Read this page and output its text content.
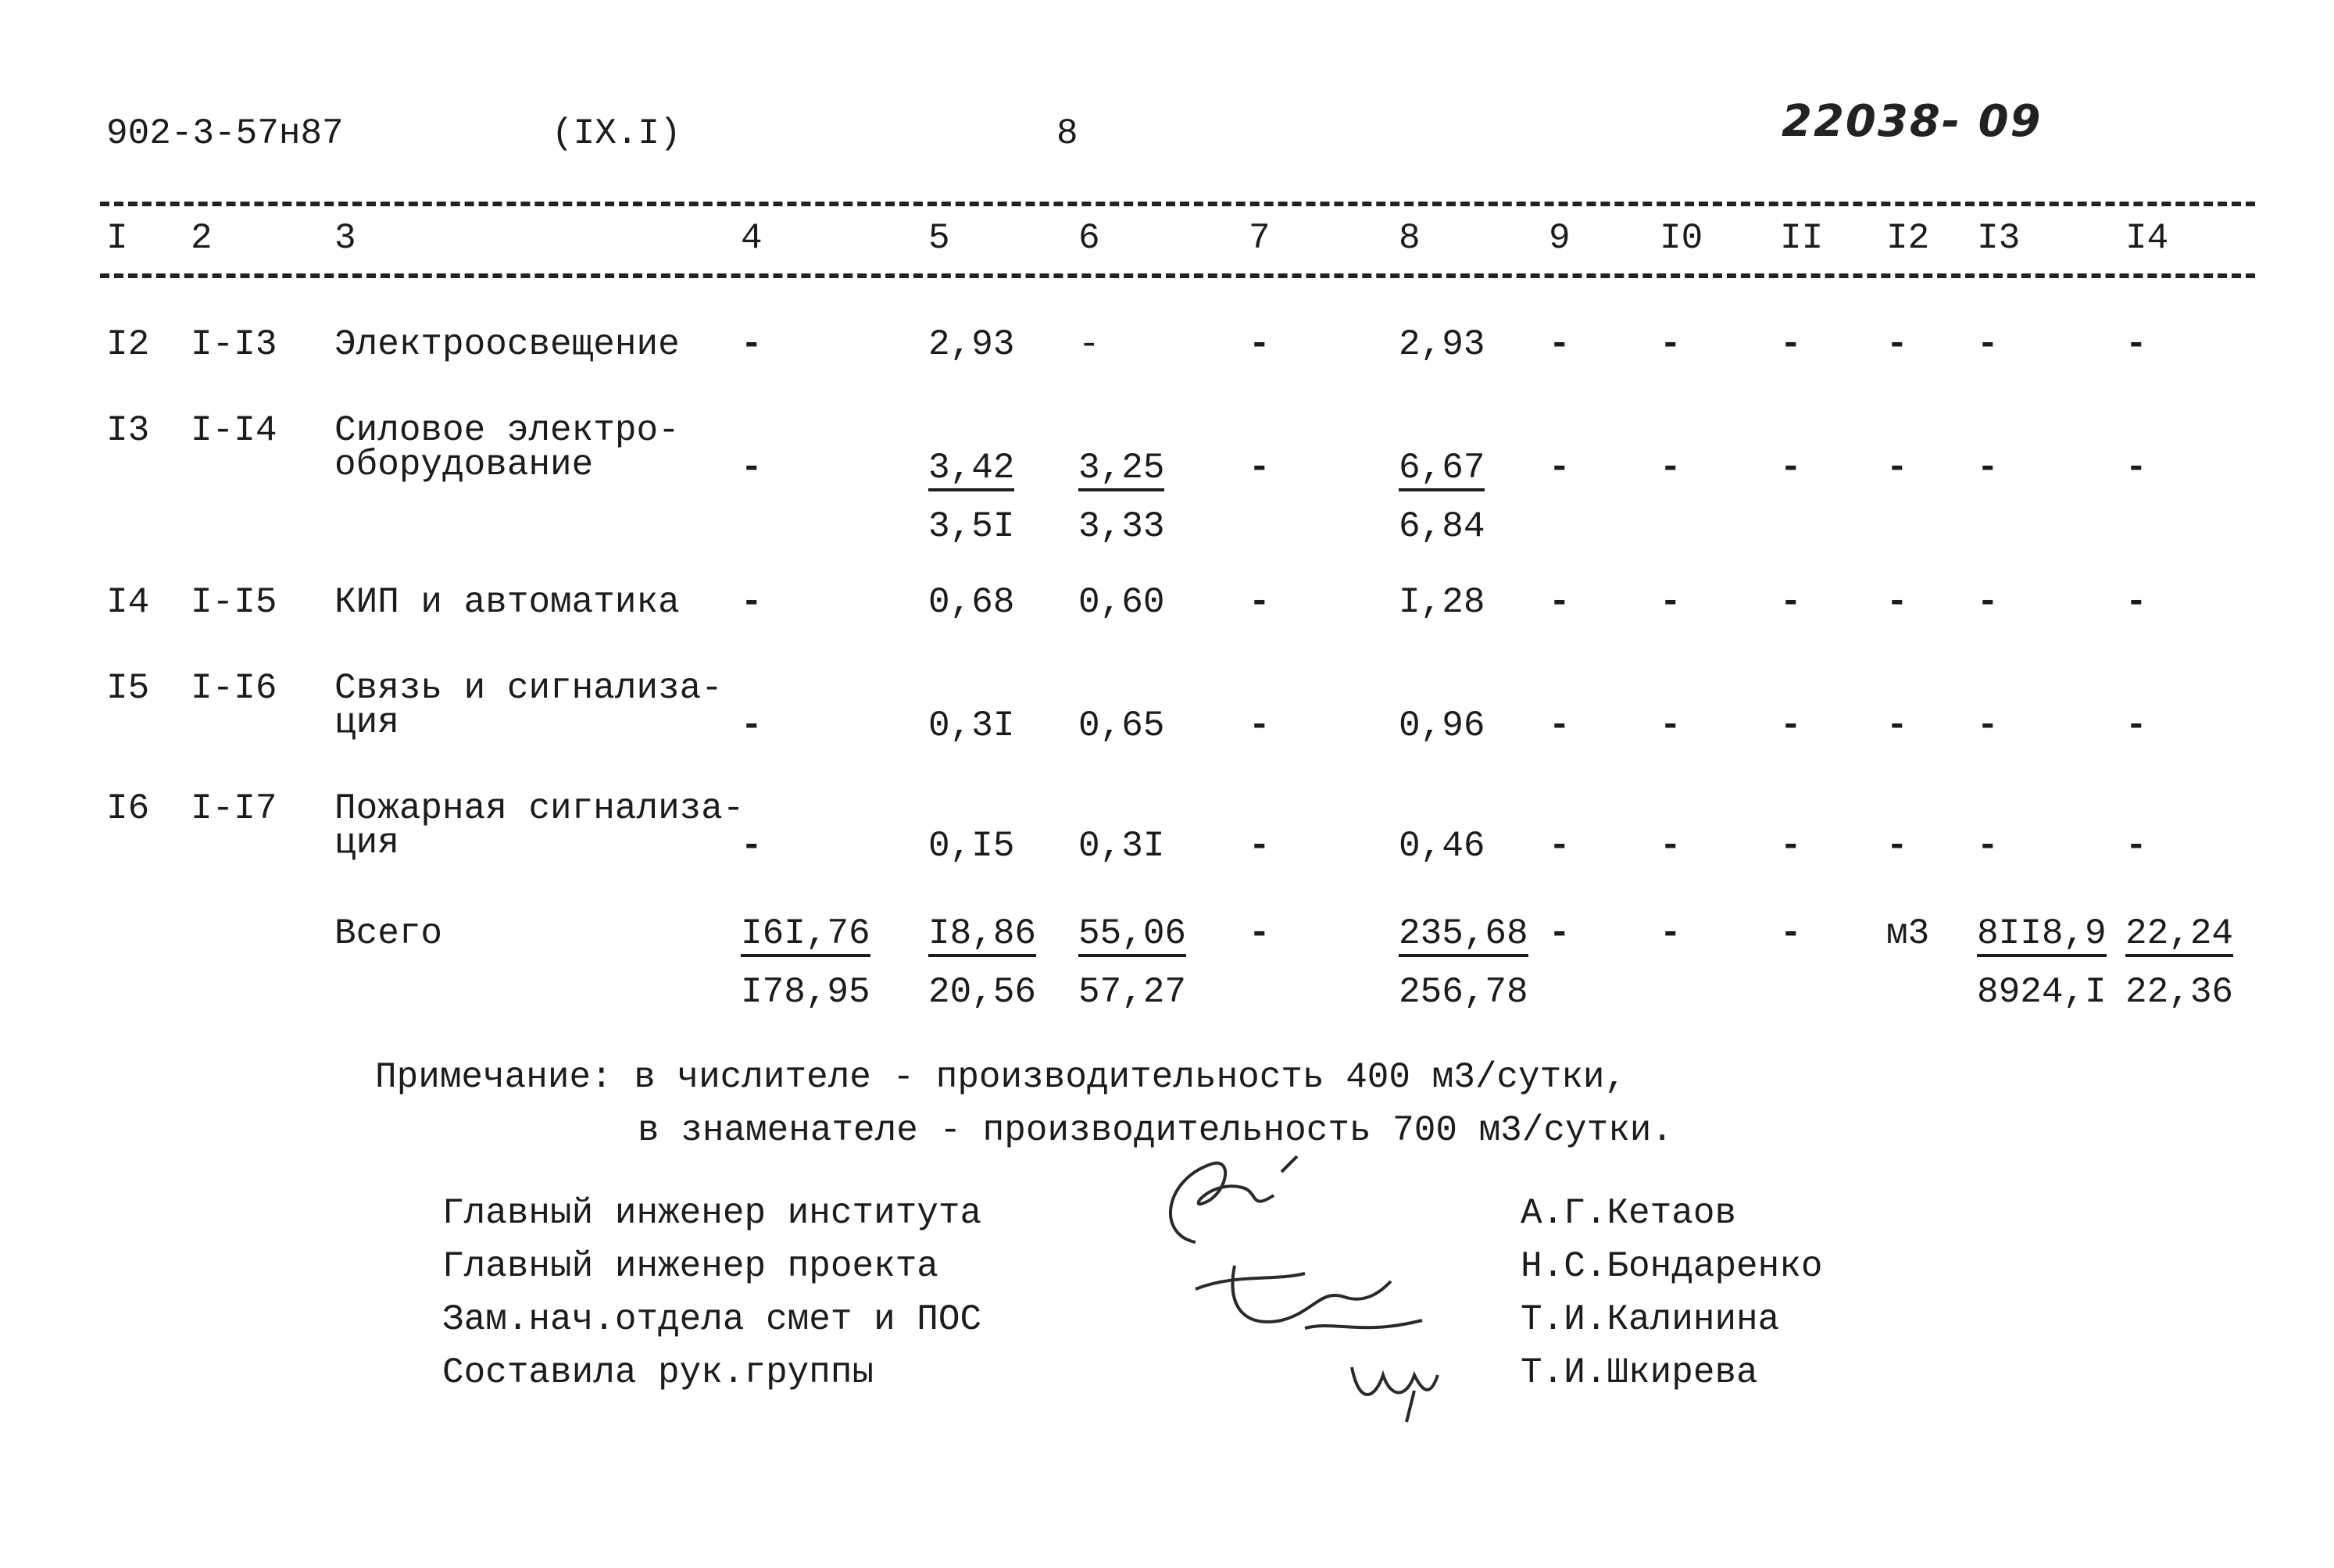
902-3-57н87	(IX.I)	8	22038- 09
I 2	3	4	5	6	7	8	9 I0 II I2 I3	I4
I2 I-I3 Электроосвещение -	2,93	-	-	2,93	- -	- - -	-
I3 I-I4 Силовое электро-
оборудование	-	$\frac{3,42}{3,5I} \frac{3,25}{3,33}$ -	$\frac{6,67}{6,84}$ - -	- - -	-
I4 I-I5 КИП и автоматика -	0,68	0,60	-	I,28	- -	- - -	-
I5 I-I6 Связь и сигнализа-
ция	-	0,3I	0,65	-	0,96	- -	- - -	-
I6 I-I7 Пожарная сигнализа-
ция	-	0,I5	0,3I	-	0,46	- -	- - -	-
Всего	$\frac{I6I,76}{I78,95} \frac{I8,86}{20,56} \frac{55,06}{57,27}$ -	$\frac{235,68}{256,78}$ - -	- $м3 \frac{8II8,9}{8924,I} \frac{22,24}{22,36}$
Примечание: в числителе - производительность 400 м3/сутки,
в знаменателе - производительность 700 м3/сутки.
Главный инженер института	А.Г.Кетаов
Главный инженер проекта	Н.С.Бондаренко
Зам.нач.отдела смет и ПОС	Т.И.Калинина
Составила рук.группы	Т.И.Шкирева
